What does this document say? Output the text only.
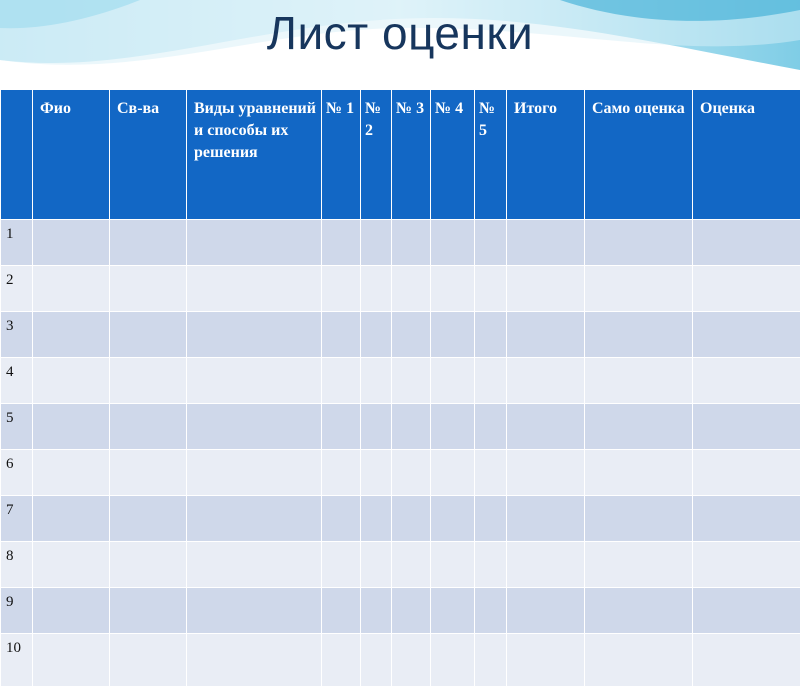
Лист оценки
	Фио	Св-ва	Виды уравнений и способы их решения	№ 1	№ 2	№ 3	№ 4	№ 5	Итого	Само оценка	Оценка
1											
2											
3											
4											
5											
6											
7											
8											
9											
10											
